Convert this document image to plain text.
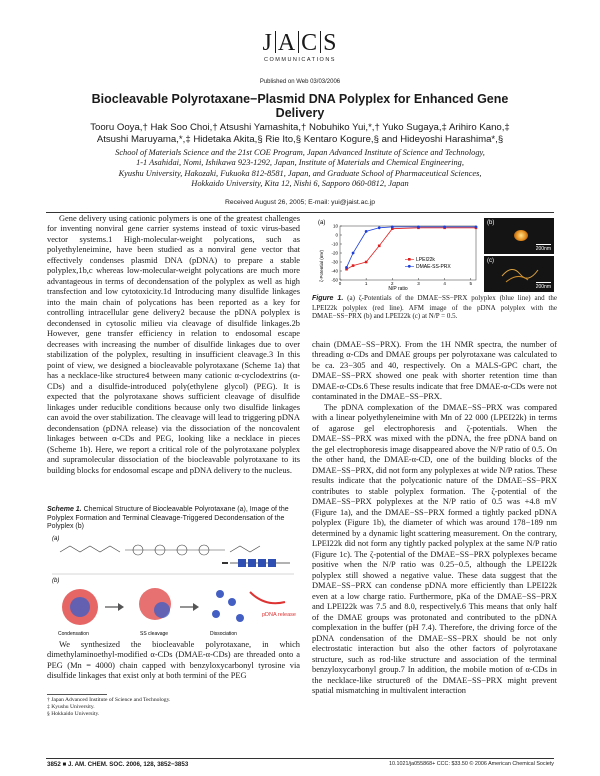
J A C S
COMMUNICATIONS
Published on Web 03/03/2006
Biocleavable Polyrotaxane−Plasmid DNA Polyplex for Enhanced Gene Delivery
Tooru Ooya,† Hak Soo Choi,† Atsushi Yamashita,† Nobuhiko Yui,*,† Yuko Sugaya,‡ Arihiro Kano,‡
Atsushi Maruyama,*,‡ Hidetaka Akita,§ Rie Ito,§ Kentaro Kogure,§ and Hideyoshi Harashima*,§
School of Materials Science and the 21st COE Program, Japan Advanced Institute of Science and Technology,
1-1 Asahidai, Nomi, Ishikawa 923-1292, Japan, Institute of Materials and Chemical Engineering,
Kyushu University, Hakozaki, Fukuoka 812-8581, Japan, and Graduate School of Pharmaceutical Sciences,
Hokkaido University, Kita 12, Nishi 6, Sapporo 060-0812, Japan
Received August 26, 2005; E-mail: yui@jaist.ac.jp

Gene delivery using cationic polymers is one of the greatest challenges for inventing nonviral gene carrier systems instead of toxic virus-based vector systems.1 High-molecular-weight polycations, such as polyethyleneimine, have been studied as a nonviral gene vector that effectively condenses plasmid DNA (pDNA) to prepare a stable polyplex,1b,c whereas low-molecular-weight polycations are much more advantageous in terms of decondensation of the polyplex as well as high transfection and low cytotoxicity.1d Introducing many disulfide linkages into the main chain of polycations has been reported as a key for controlling intracellular gene delivery2 because the pDNA polyplex is decondensed in cytosolic milieu via cleavage of disulfide linkages.2b However, gene transfer efficiency in relation to endosomal escape decreases with increasing the number of disulfide linkages due to over stabilization of the polyplex, resulting in insufficient cleavage.3 In this point of view, we designed a biocleavable polyrotaxane (Scheme 1a) that has a necklace-like structure4 between many cationic α-cyclodextrins (α-CDs) and a disulfide-introduced poly(ethylene glycol) (PEG). It is expected that the polyrotaxane shows sufficient cleavage of disulfide linkages under reducible conditions because only two disulfide linkages can avoid the over stabilization. The cleavage will lead to triggering pDNA decondensation (pDNA release) via the dissociation of the noncovalent linkages between α-CDs and PEG, looking like a necklace in pieces (Scheme 1b). Here, we report a critical role of the polyrotaxane polyplex and supramolecular dissociation of the biocleavable polyrotaxane to its building blocks for endosomal escape and pDNA delivery to the nucleus.

Scheme 1. Chemical Structure of Biocleavable Polyrotaxane (a), Image of the Polyplex Formation and Terminal Cleavage-Triggered Decondensation of the Polyplex (b)
(a)
(b)
pDNA release
Condensation	SS cleavage	Dissociation

We synthesized the biocleavable polyrotaxane, in which dimethylaminoethyl-modified α-CDs (DMAE-α-CDs) are threaded onto a PEG (Mn = 4000) chain capped with benzyloxycarbonyl tyrosine via disulfide linkages that exist only at both termini of the PEG

† Japan Advanced Institute of Science and Technology.
‡ Kyushu University.
§ Hokkaido University.
(a)
ζ-Potential (mV)
N/P ratio
-50
-40
-30
-20
-10
0
10
0	1	2	3	4	5
LPEI22k
DMAE-SS-PRX
(b)
200nm
(c)
200nm
Figure 1. (a) ζ-Potentials of the DMAE−SS−PRX polyplex (blue line) and the LPEI22k polyplex (red line). AFM image of the pDNA polyplex with the DMAE−SS−PRX (b) and LPEI22k (c) at N/P = 0.5.

chain (DMAE−SS−PRX). From the 1H NMR spectra, the number of threading α-CDs and DMAE groups per polyrotaxane was calculated to be ca. 23−305 and 40, respectively. On a MALS-GPC chart, the DMAE−SS−PRX showed one peak with shorter retention time than DMAE-α-CDs.6 These results indicate that free DMAE-α-CDs were not contaminated in the DMAE−SS−PRX.

The pDNA complexation of the DMAE−SS−PRX was compared with a linear polyethyleneimine with Mn of 22 000 (LPEI22k) in terms of agarose gel electrophoresis and ζ-potentials. When the DMAE−SS−PRX was mixed with the pDNA, the free pDNA band on the gel electrophoresis image disappeared above the N/P ratio of 0.5. On the other hand, the DMAE-α-CD, one of the building blocks of the DMAE−SS−PRX, did not form any polyplexes at wide N/P ratios. These results indicate that the polycationic nature of the DMAE−SS−PRX contributes to stable polyplex formation. The ζ-potential of the DMAE−SS−PRX polyplexes at the N/P ratio of 0.5 was +4.8 mV (Figure 1a), and the DMAE−SS−PRX formed a tightly packed pDNA polyplex (Figure 1b), the diameter of which was around 178−189 nm determined by a dynamic light scattering measurement. On the contrary, LPEI22k did not form any tightly packed polyplex at the same N/P ratio (Figure 1c). The ζ-potential of the DMAE−SS−PRX polyplexes became positive when the N/P ratio was 0.25−0.5, although the LPEI22k polyplex still showed a negative value. These data suggest that the DMAE−SS−PRX can condense pDNA more efficiently than LPEI22k even at a low charge ratio. Furthermore, pKa of the DMAE−SS−PRX and LPEI22k was 7.5 and 8.0, respectively.6 This means that only half of the DMAE groups was protonated and contributed to the pDNA complexation in the buffer (pH 7.4). Therefore, the driving force of the pDNA condensation of the DMAE−SS−PRX should be not only electrostatic interaction but also the other factors of polyrotaxane structure, such as rod-like structure and association of the terminal benzyloxycarbonyl group.7 In addition, the mobile motion of α-CDs in the necklace-like structure8 of the DMAE−SS−PRX might prevent spatial mismatching in multivalent interaction

3852 ■ J. AM. CHEM. SOC. 2006, 128, 3852−3853	10.1021/ja055868+ CCC: $33.50 © 2006 American Chemical Society
